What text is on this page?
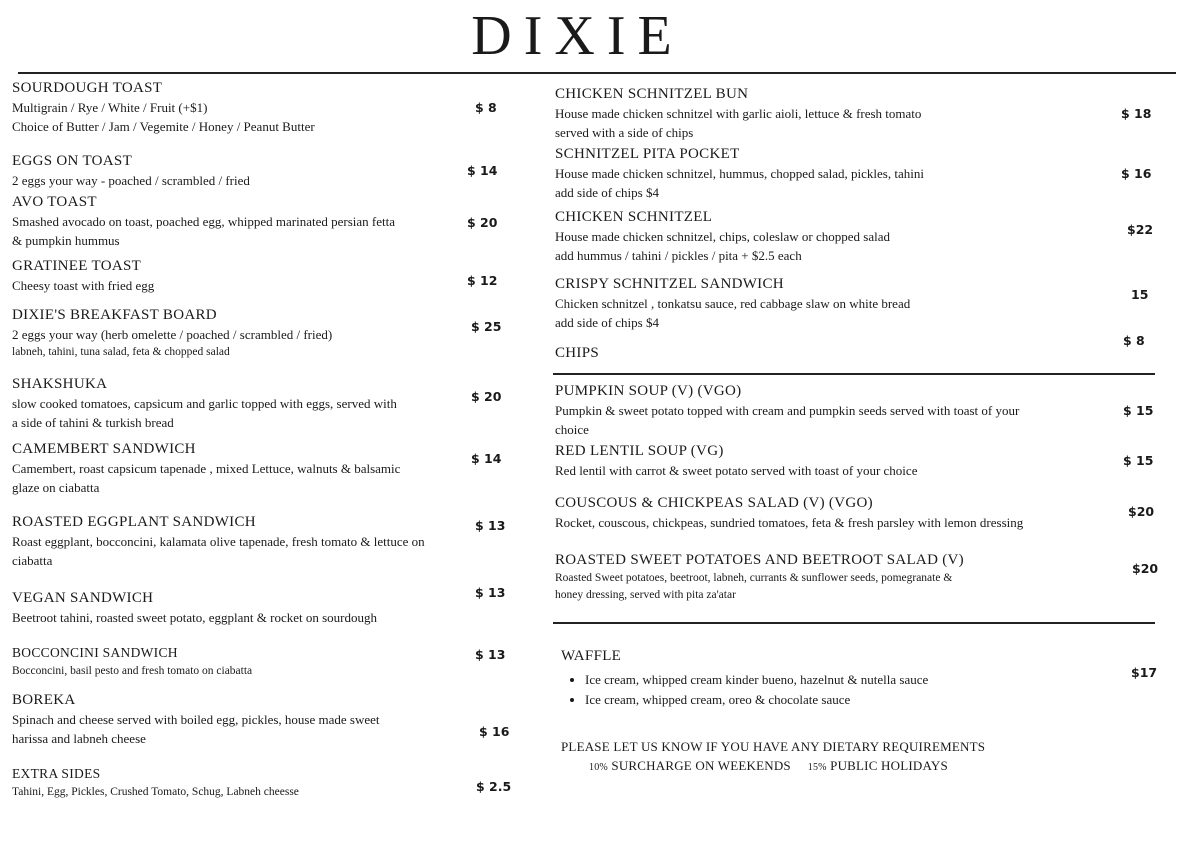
DIXIE
SOURDOUGH TOAST
Multigrain / Rye / White / Fruit (+$1)
Choice of Butter / Jam / Vegemite / Honey / Peanut Butter
$ 8
EGGS ON TOAST
2 eggs your way - poached / scrambled / fried
$ 14
AVO TOAST
Smashed avocado on toast, poached egg, whipped marinated persian fetta
& pumpkin hummus
$ 20
GRATINEE TOAST
Cheesy toast with fried egg	$ 12
DIXIE'S BREAKFAST BOARD
2 eggs your way (herb omelette / poached / scrambled / fried)
labneh, tahini, tuna salad, feta & chopped salad
$ 25
SHAKSHUKA
slow cooked tomatoes, capsicum and garlic topped with eggs, served with
a side of tahini & turkish bread
$ 20
CAMEMBERT SANDWICH
Camembert, roast capsicum tapenade , mixed Lettuce, walnuts & balsamic
glaze on ciabatta
$ 14
ROASTED EGGPLANT SANDWICH
Roast eggplant, bocconcini, kalamata olive tapenade, fresh tomato & lettuce on
ciabatta
$ 13
VEGAN SANDWICH
Beetroot tahini, roasted sweet potato, eggplant & rocket on sourdough
$ 13
BOCCONCINI SANDWICH
Bocconcini, basil pesto and fresh tomato on ciabatta
$ 13
BOREKA
Spinach and cheese served with boiled egg, pickles, house made sweet
harissa and labneh cheese	$ 16
EXTRA SIDES
Tahini, Egg, Pickles, Crushed Tomato, Schug, Labneh cheesse	$ 2.5
CHICKEN SCHNITZEL BUN
House made chicken schnitzel with garlic aioli, lettuce & fresh tomato
served with a side of chips
$ 18
SCHNITZEL PITA POCKET
House made chicken schnitzel, hummus, chopped salad, pickles, tahini
add side of chips $4
$ 16
CHICKEN SCHNITZEL
House made chicken schnitzel, chips, coleslaw or chopped salad
add hummus / tahini / pickles / pita + $2.5 each
$22
CRISPY SCHNITZEL SANDWICH
Chicken schnitzel , tonkatsu sauce, red cabbage slaw on white bread
add side of chips $4
15
CHIPS
$ 8
PUMPKIN SOUP (V) (VGO)
Pumpkin & sweet potato topped with cream and pumpkin seeds served with toast of your
choice
$ 15
RED LENTIL SOUP (VG)
Red lentil with carrot & sweet potato served with toast of your choice
$ 15
COUSCOUS & CHICKPEAS SALAD (V) (VGO)
Rocket, couscous, chickpeas, sundried tomatoes, feta & fresh parsley with lemon dressing
$20
ROASTED SWEET POTATOES AND BEETROOT SALAD (V)
Roasted Sweet potatoes, beetroot, labneh, currants & sunflower seeds, pomegranate &
honey dressing, served with pita za'atar
$20
WAFFLE
• Ice cream, whipped cream kinder bueno, hazelnut & nutella sauce
• Ice cream, whipped cream, oreo & chocolate sauce
$17
PLEASE LET US KNOW IF YOU HAVE ANY DIETARY REQUIREMENTS
10% SURCHARGE ON WEEKENDS 15% PUBLIC HOLIDAYS
